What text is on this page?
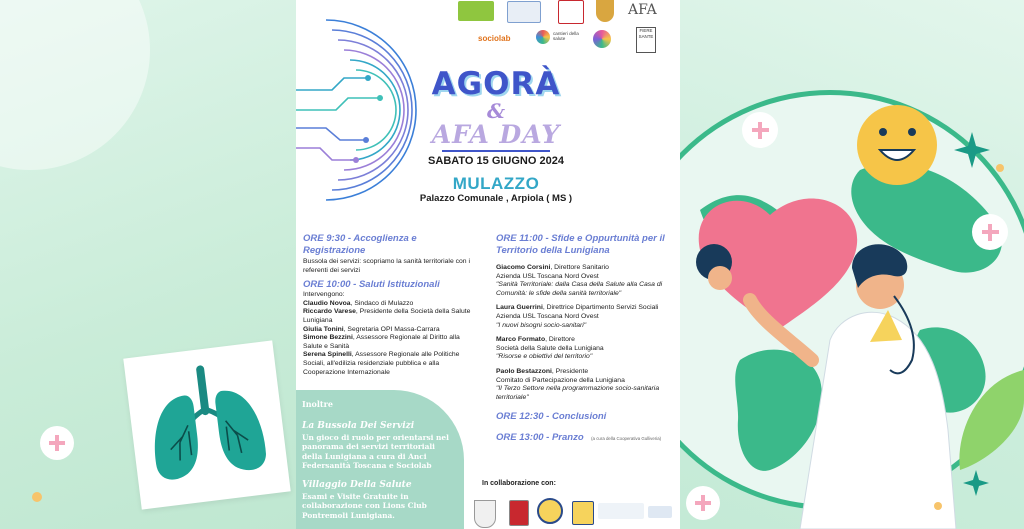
AFA
sociolab
cantieri della salute
FIERE SANTE
AGORÀ
&
AFA DAY
SABATO 15 GIUGNO 2024
MULAZZO
Palazzo Comunale , Arpiola ( MS )
ORE 9:30 - Accoglienza e Registrazione
Bussola dei servizi: scopriamo la sanità territoriale con i referenti dei servizi
ORE 10:00 - Saluti Istituzionali
Intervengono:
Claudio Novoa, Sindaco di Mulazzo
Riccardo Varese, Presidente della Società della Salute Lunigiana
Giulia Tonini, Segretaria OPI Massa-Carrara
Simone Bezzini, Assessore Regionale al Diritto alla Salute e Sanità
Serena Spinelli, Assessore Regionale alle Politiche Sociali, all'edilizia residenziale pubblica e alla Cooperazione Internazionale
Inoltre
La Bussola Dei Servizi
Un gioco di ruolo per orientarsi nel panorama dei servizi territoriali della Lunigiana a cura di Anci Federsanità Toscana e Sociolab
Villaggio Della Salute
Esami e Visite Gratuite in collaborazione con Lions Club Pontremoli Lunigiana.
ORE 11:00 - Sfide e Oppurtunità per il Territorio della Lunigiana
Giacomo Corsini, Direttore Sanitario
Azienda USL Toscana Nord Ovest
"Sanità Territoriale: dalla Casa della Salute alla Casa di Comunità: le sfide della sanità territoriale"
Laura Guerrini, Direttrice Dipartimento Servizi Sociali
Azienda USL Toscana Nord Ovest
"I nuovi bisogni socio-sanitari"
Marco Formato, Direttore
Società della Salute della Lunigiana
"Risorse e obiettivi del territorio"
Paolo Bestazzoni, Presidente
Comitato di Partecipazione della Lunigiana
"Il Terzo Settore nella programmazione socio-sanitaria territoriale"
ORE 12:30 - Conclusioni
ORE 13:00 - Pranzo (a cura della Cooperativa Gulliveria)
In collaborazione con:
